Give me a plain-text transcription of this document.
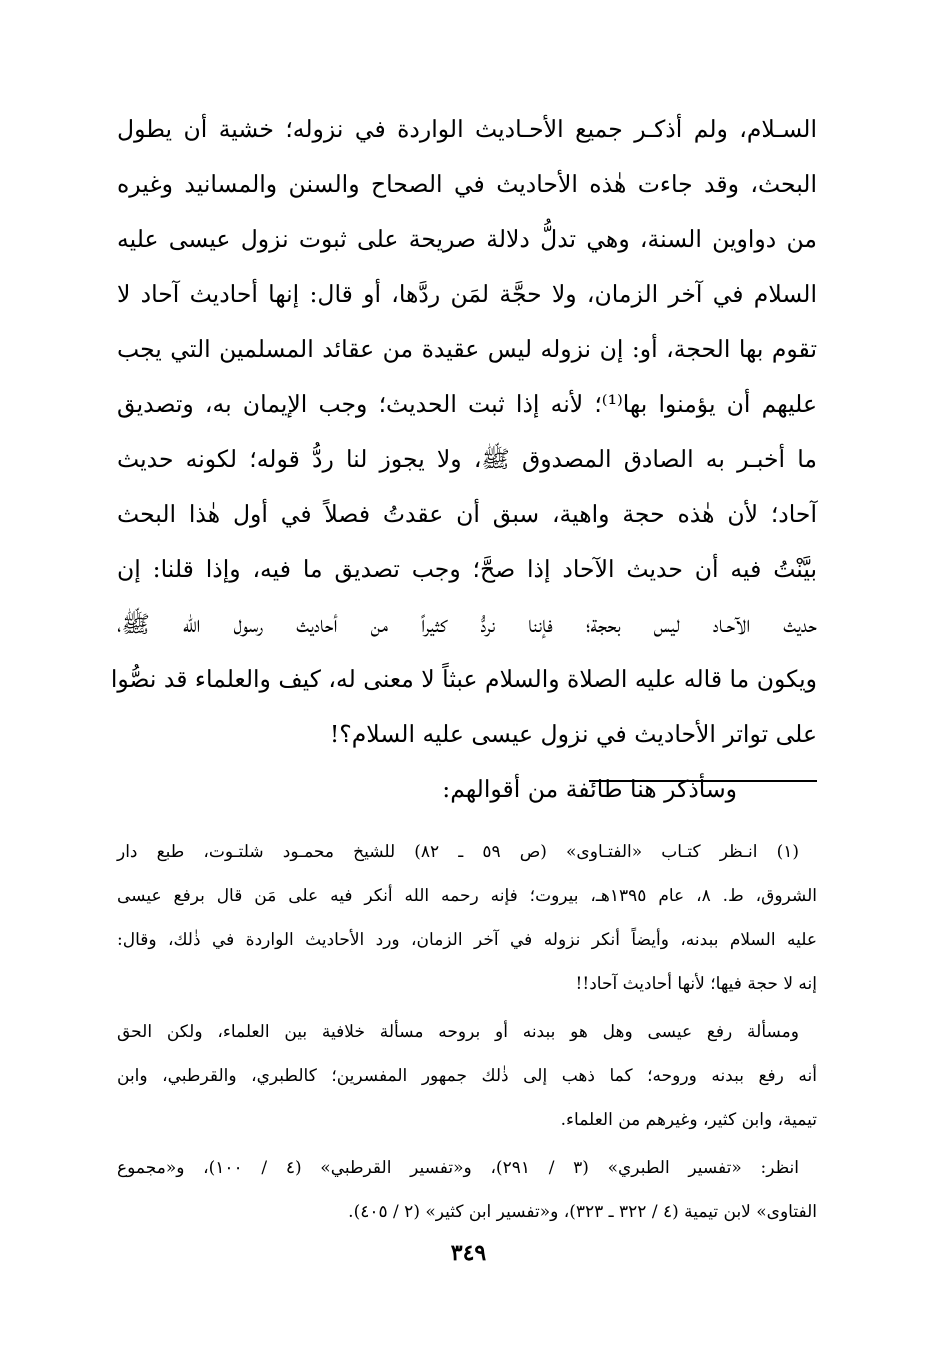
السـلام، ولم أذكـر جميع الأحـاديث الواردة في نزوله؛ خشية أن يطول
البحث، وقد جاءت هٰذه الأحاديث في الصحاح والسنن والمسانيد وغيره
من دواوين السنة، وهي تدلُّ دلالة صريحة على ثبوت نزول عيسى عليه
السلام في آخر الزمان، ولا حجَّة لمَن ردَّها، أو قال: إنها أحاديث آحاد لا
تقوم بها الحجة، أو: إن نزوله ليس عقيدة من عقائد المسلمين التي يجب
عليهم أن يؤمنوا بها⁽¹⁾؛ لأنه إذا ثبت الحديث؛ وجب الإيمان به، وتصديق
ما أخبـر به الصادق المصدوق ﷺ، ولا يجوز لنا ردُّ قوله؛ لكونه حديث
آحاد؛ لأن هٰذه حجة واهية، سبق أن عقدتُ فصلاً في أول هٰذا البحث
بيَّنْتُ فيه أن حديث الآحاد إذا صحَّ؛ وجب تصديق ما فيه، وإذا قلنا: إن
حديث الآحـاد ليس بحجة؛ فإننا نردُّ كثيراً من أحاديث رسول الله ﷺ،
ويكون ما قاله عليه الصلاة والسلام عبثاً لا معنى له، كيف والعلماء قد نصُّوا
على تواتر الأحاديث في نزول عيسى عليه السلام؟!
وسأذكر هنا طائفة من أقوالهم:
(١) انـظر كتـاب «الفتـاوى» (ص ٥٩ ـ ٨٢) للشيخ محمـود شلتـوت، طبع دار
الشروق، ط. ٨، عام ١٣٩٥هـ، بيروت؛ فإنه رحمه الله أنكر فيه على مَن قال برفع عيسى
عليه السلام ببدنه، وأيضاً أنكر نزوله في آخر الزمان، ورد الأحاديث الواردة في ذٰلك، وقال:
إنه لا حجة فيها؛ لأنها أحاديث آحاد!!
ومسألة رفع عيسى وهل هو ببدنه أو بروحه مسألة خلافية بين العلماء، ولكن الحق
أنه رفع ببدنه وروحه؛ كما ذهب إلى ذٰلك جمهور المفسرين؛ كالطبري، والقرطبي، وابن
تيمية، وابن كثير، وغيرهم من العلماء.
انظر: «تفسير الطبري» (٣ / ٢٩١)، و«تفسير القرطبي» (٤ / ١٠٠)، و«مجموع
الفتاوى» لابن تيمية (٤ / ٣٢٢ ـ ٣٢٣)، و«تفسير ابن كثير» (٢ / ٤٠٥).
٣٤٩
